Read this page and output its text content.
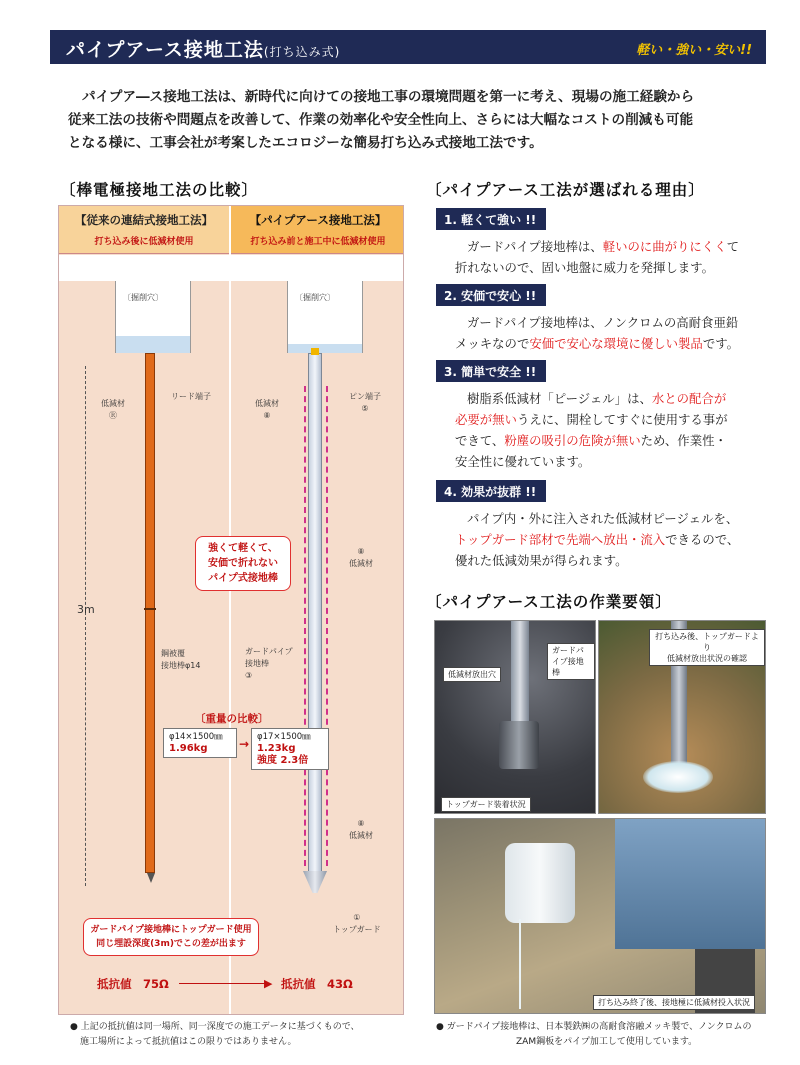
パイプアース接地工法(打ち込み式)	軽い・強い・安い!!
パイプア―ス接地工法は、新時代に向けての接地工事の環境問題を第一に考え、現場の施工経験から
従来工法の技術や問題点を改善して、作業の効率化や安全性向上、さらには大幅なコストの削減も可能
となる様に、工事会社が考案したエコロジーな簡易打ち込み式接地工法です。
〔棒電極接地工法の比較〕
【従来の連結式接地工法】
打ち込み後に低減材使用
【パイプアース接地工法】
打ち込み前と施工中に低減材使用
〔掘削穴〕	〔掘削穴〕
3m
低減材
Ⓡ
リード端子
鋼被覆
接地棒φ14
低減材
⑧
ピン端子
⑤
⑧
低減材
ガードパイプ
接地棒
③
⑧
低減材
①
トップガード
強くて軽くて、
安価で折れない
パイプ式接地棒
〔重量の比較〕
φ14×1500㎜
1.96kg	→ φ17×1500㎜
1.23kg
強度 2.3倍
ガードパイプ接地棒にトップガード使用
同じ埋設深度(3m)でこの差が出ます
抵抗値　75Ω	▶ 抵抗値　43Ω
〔パイプアース工法が選ばれる理由〕
1. 軽くて強い !!
ガードパイプ接地棒は、軽いのに曲がりにくくて
折れないので、固い地盤に威力を発揮します。
2. 安価で安心 !!
ガードパイプ接地棒は、ノンクロムの高耐食亜鉛
メッキなので安価で安心な環境に優しい製品です。
3. 簡単で安全 !!
樹脂系低減材「ピージェル」は、水との配合が
必要が無いうえに、開栓してすぐに使用する事が
できて、粉塵の吸引の危険が無いため、作業性・
安全性に優れています。
4. 効果が抜群 !!
パイプ内・外に注入された低減材ピージェルを、
トップガード部材で先端へ放出・流入できるので、
優れた低減効果が得られます。
〔パイプアース工法の作業要領〕
ガードパイプ接地棒
低減材放出穴
トップガード装着状況
打ち込み後、トップガードより
低減材放出状況の確認
打ち込み終了後、接地極に低減材投入状況
● 上記の抵抗値は同一場所、同一深度での施工データに基づくもので、
施工場所によって抵抗値はこの限りではありません。
● ガードパイプ接地棒は、日本製鉄㈱の高耐食溶融メッキ製で、ノンクロムの
ZAM鋼板をパイプ加工して使用しています。
